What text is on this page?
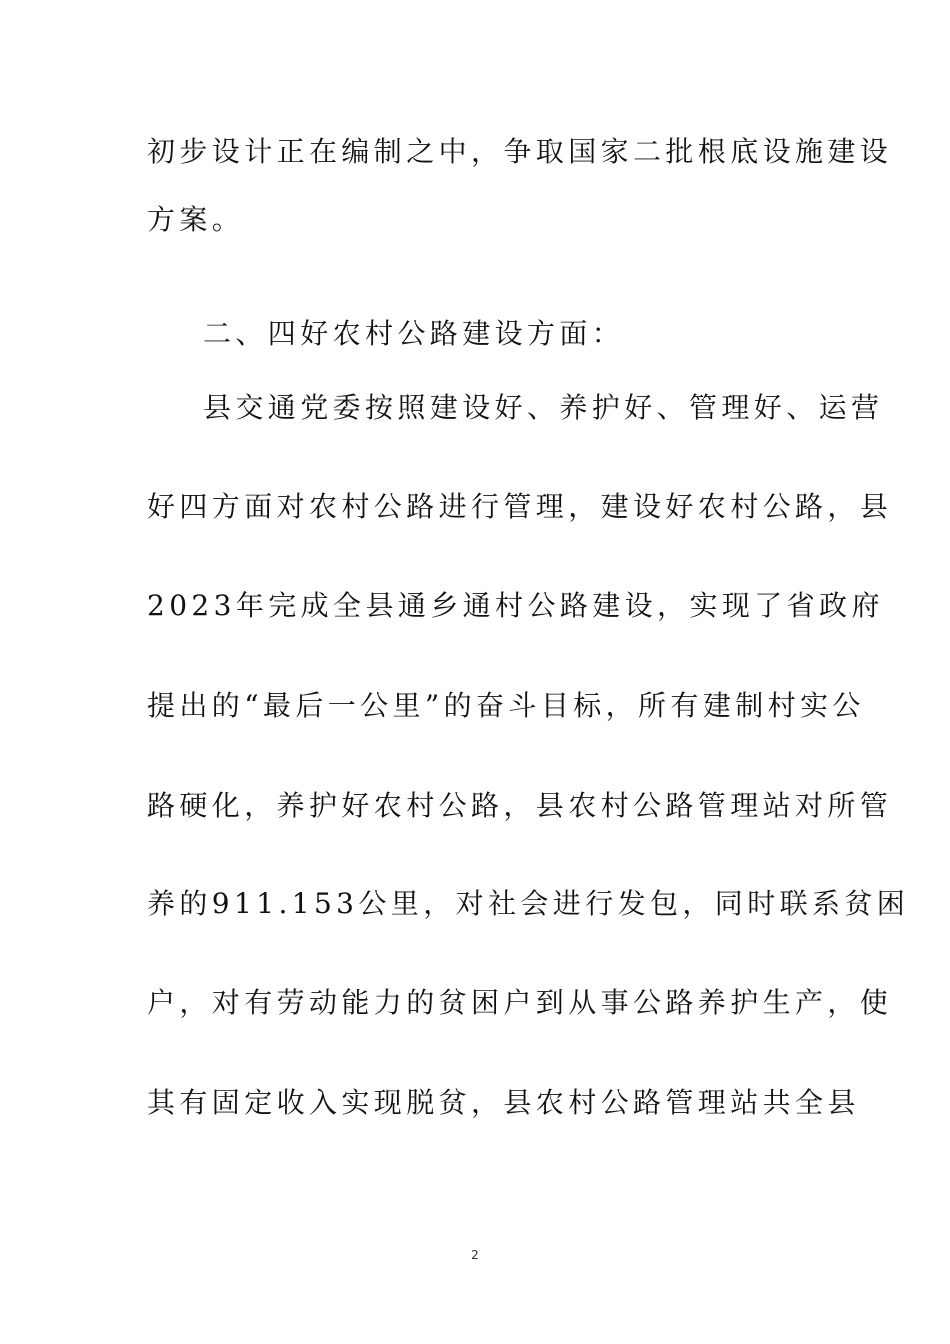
初步设计正在编制之中，争取国家二批根底设施建设
方案。
二、四好农村公路建设方面：
县交通党委按照建设好、养护好、管理好、运营
好四方面对农村公路进行管理，建设好农村公路，县
2023年完成全县通乡通村公路建设，实现了省政府
提出的“最后一公里”的奋斗目标，所有建制村实公
路硬化，养护好农村公路，县农村公路管理站对所管
养的911.153公里，对社会进行发包，同时联系贫困
户，对有劳动能力的贫困户到从事公路养护生产，使
其有固定收入实现脱贫，县农村公路管理站共全县
2
